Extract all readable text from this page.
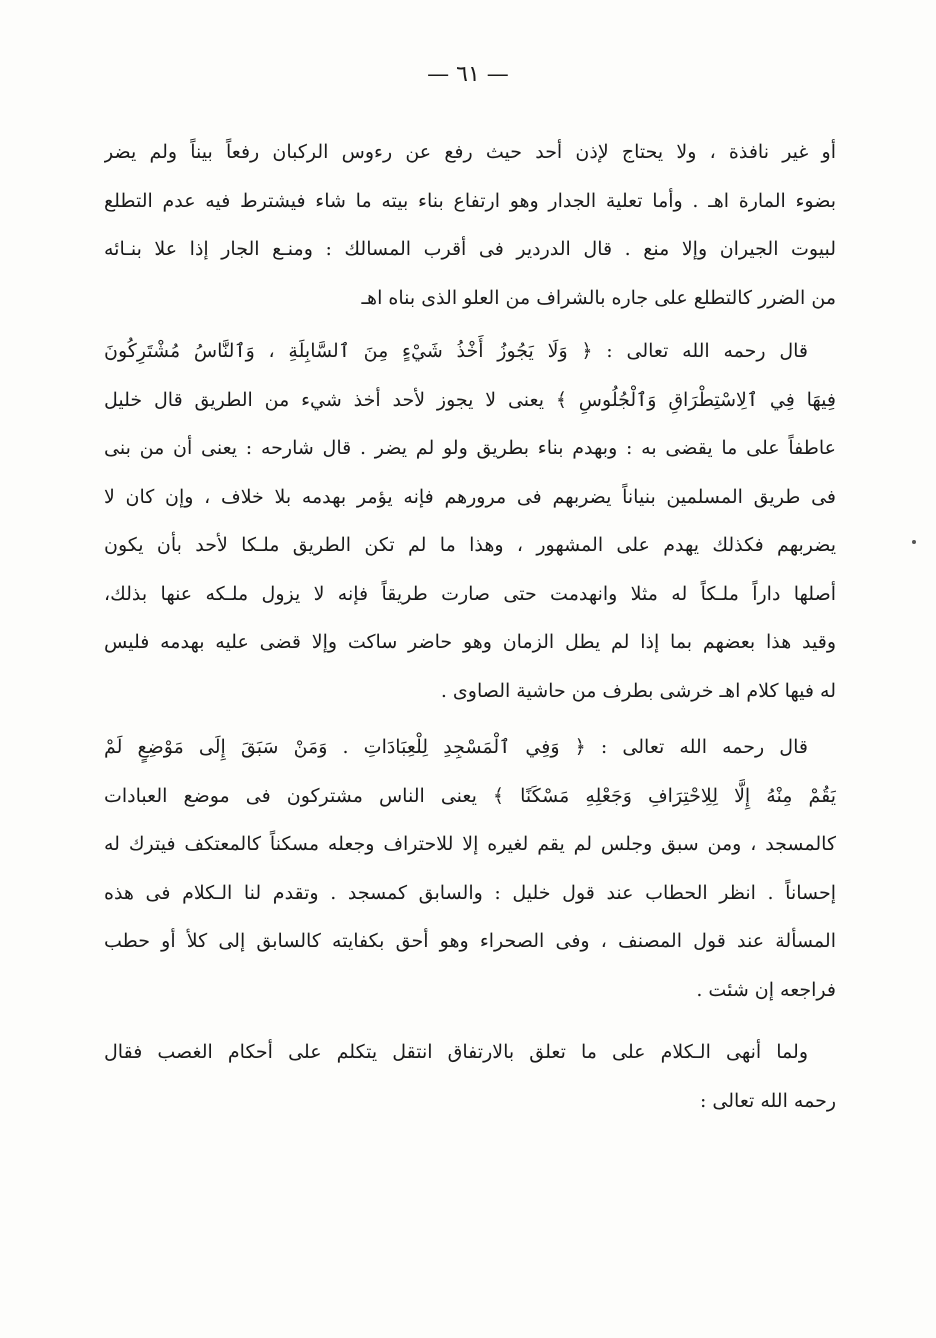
— ٦١ —
أو غير نافذة ، ولا يحتاج لإذن أحد حيث رفع عن رءوس الركبان رفعاً بيناً ولم يضر
بضوء المارة اهـ . وأما تعلية الجدار وهو ارتفاع بناء بيته ما شاء فيشترط فيه عدم التطلع
لبيوت الجيران وإلا منع . قال الدردير فى أقرب المسالك : ومنـع الجار إذا علا بنـائه
من الضرر كالتطلع على جاره بالشراف من العلو الذى بناه اهـ
قال رحمه الله تعالى : ﴿ وَلَا يَجُوزُ أَخْذُ شَيْءٍ مِنَ ٱلسَّابِلَةِ ، وَٱلنَّاسُ مُشْتَرِكُونَ
فِيهَا فِي ٱلِاسْتِطْرَاقِ وَٱلْجُلُوسِ ﴾ يعنى لا يجوز لأحد أخذ شيء من الطريق قال خليل
عاطفاً على ما يقضى به : وبهدم بناء بطريق ولو لم يضر . قال شارحه : يعنى أن من بنى
فى طريق المسلمين بنياناً يضربهم فى مرورهم فإنه يؤمر بهدمه بلا خلاف ، وإن كان لا
يضربهم فكذلك يهدم على المشهور ، وهذا ما لم تكن الطريق ملـكا لأحد بأن يكون
أصلها داراً ملـكاً له مثلا وانهدمت حتى صارت طريقاً فإنه لا يزول ملـكه عنها بذلك،
وقيد هذا بعضهم بما إذا لم يطل الزمان وهو حاضر ساكت وإلا قضى عليه بهدمه فليس
له فيها كلام اهـ خرشى بطرف من حاشية الصاوى .
قال رحمه الله تعالى : ﴿ وَفِي ٱلْمَسْجِدِ لِلْعِبَادَاتِ . وَمَنْ سَبَقَ إِلَى مَوْضِعٍ لَمْ
يَقُمْ مِنْهُ إِلَّا لِلِاحْتِرَافِ وَجَعْلِهِ مَسْكَنًا ﴾ يعنى الناس مشتركون فى موضع العبادات
كالمسجد ، ومن سبق وجلس لم يقم لغيره إلا للاحتراف وجعله مسكناً كالمعتكف فيترك له
إحساناً . انظر الحطاب عند قول خليل : والسابق كمسجد . وتقدم لنا الـكلام فى هذه
المسألة عند قول المصنف ، وفى الصحراء وهو أحق بكفايته كالسابق إلى كلأ أو حطب
فراجعه إن شئت .
ولما أنهى الـكلام على ما تعلق بالارتفاق انتقل يتكلم على أحكام الغصب فقال
رحمه الله تعالى :
